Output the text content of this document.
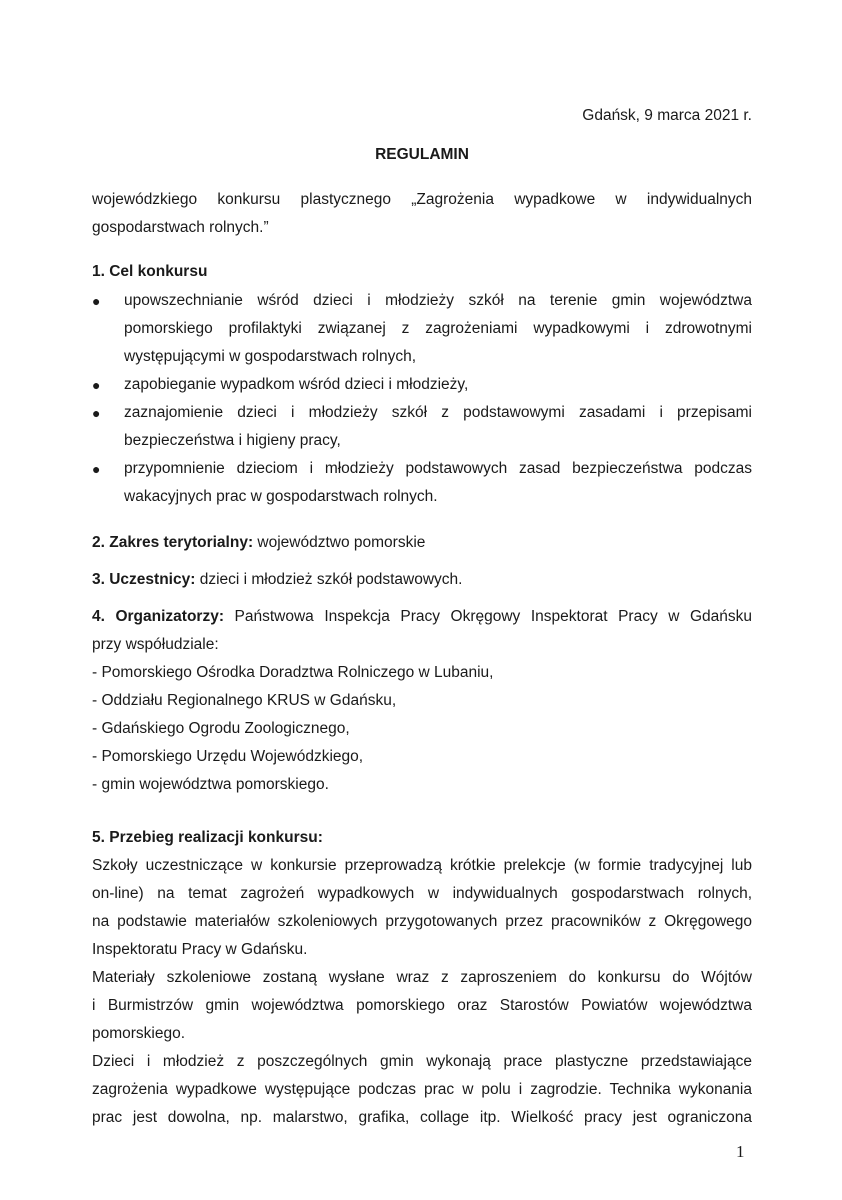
Gdańsk, 9 marca 2021 r.
REGULAMIN
wojewódzkiego konkursu plastycznego „Zagrożenia wypadkowe w indywidualnych
gospodarstwach rolnych.”
1. Cel konkursu
● upowszechnianie wśród dzieci i młodzieży szkół na terenie gmin województwa
pomorskiego profilaktyki związanej z zagrożeniami wypadkowymi i zdrowotnymi
występującymi w gospodarstwach rolnych,
● zapobieganie wypadkom wśród dzieci i młodzieży,
● zaznajomienie dzieci i młodzieży szkół z podstawowymi zasadami i przepisami
bezpieczeństwa i higieny pracy,
● przypomnienie dzieciom i młodzieży podstawowych zasad bezpieczeństwa podczas
wakacyjnych prac w gospodarstwach rolnych.
2. Zakres terytorialny: województwo pomorskie
3. Uczestnicy: dzieci i młodzież szkół podstawowych.
4. Organizatorzy: Państwowa Inspekcja Pracy Okręgowy Inspektorat Pracy w Gdańsku
przy współudziale:
- Pomorskiego Ośrodka Doradztwa Rolniczego w Lubaniu,
- Oddziału Regionalnego KRUS w Gdańsku,
- Gdańskiego Ogrodu Zoologicznego,
- Pomorskiego Urzędu Wojewódzkiego,
- gmin województwa pomorskiego.
5. Przebieg realizacji konkursu:
Szkoły uczestniczące w konkursie przeprowadzą krótkie prelekcje (w formie tradycyjnej lub
on-line) na temat zagrożeń wypadkowych w indywidualnych gospodarstwach rolnych,
na podstawie materiałów szkoleniowych przygotowanych przez pracowników z Okręgowego
Inspektoratu Pracy w Gdańsku.
Materiały szkoleniowe zostaną wysłane wraz z zaproszeniem do konkursu do Wójtów
i Burmistrzów gmin województwa pomorskiego oraz Starostów Powiatów województwa
pomorskiego.
Dzieci i młodzież z poszczególnych gmin wykonają prace plastyczne przedstawiające
zagrożenia wypadkowe występujące podczas prac w polu i zagrodzie. Technika wykonania
prac jest dowolna, np. malarstwo, grafika, collage itp. Wielkość pracy jest ograniczona
1
